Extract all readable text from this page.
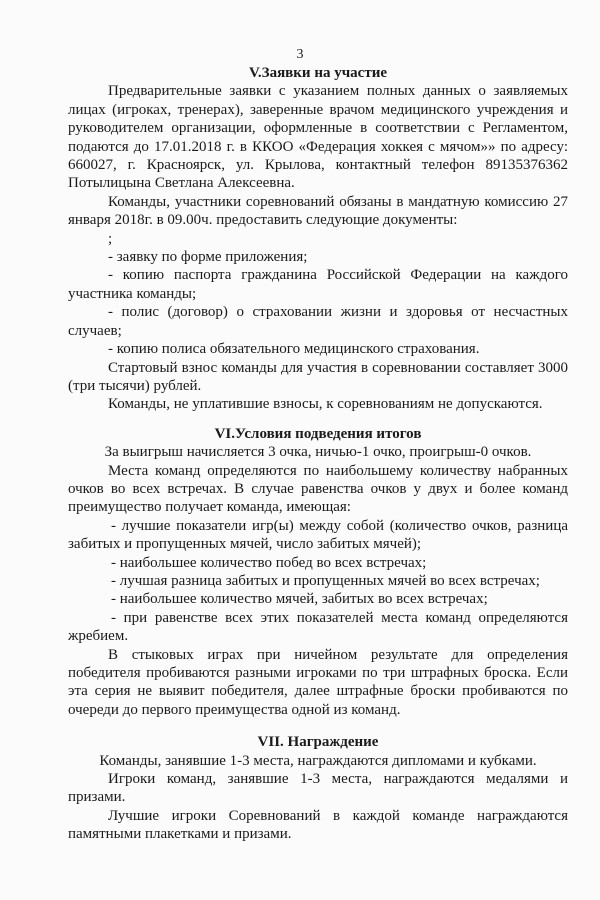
3

V.Заявки на участие

Предварительные заявки с указанием полных данных о заявляемых лицах (игроках, тренерах), заверенные врачом медицинского учреждения и руководителем организации, оформленные в соответствии с Регламентом, подаются до 17.01.2018 г. в ККОО «Федерация хоккея с мячом»» по адресу: 660027, г. Красноярск, ул. Крылова, контактный телефон 89135376362 Потылицына Светлана Алексеевна.

Команды, участники соревнований обязаны в мандатную комиссию 27 января 2018г. в 09.00ч. предоставить следующие документы:

;

- заявку по форме приложения;

- копию паспорта гражданина Российской Федерации на каждого участника команды;

- полис (договор) о страховании жизни и здоровья от несчастных случаев;

- копию полиса обязательного медицинского страхования.

Стартовый взнос команды для участия в соревновании составляет 3000 (три тысячи) рублей.

Команды, не уплатившие взносы, к соревнованиям не допускаются.

VI.Условия подведения итогов

За выигрыш начисляется 3 очка, ничью-1 очко, проигрыш-0 очков.

Места команд определяются по наибольшему количеству набранных очков во всех встречах. В случае равенства очков у двух и более команд преимущество получает команда, имеющая:

- лучшие показатели игр(ы) между собой (количество очков, разница забитых и пропущенных мячей, число забитых мячей);

- наибольшее количество побед во всех встречах;

- лучшая разница забитых и пропущенных мячей во всех встречах;

- наибольшее количество мячей, забитых во всех встречах;

- при равенстве всех этих показателей места команд определяются жребием.

В стыковых играх при ничейном результате для определения победителя пробиваются разными игроками по три штрафных броска. Если эта серия не выявит победителя, далее штрафные броски пробиваются по очереди до первого преимущества одной из команд.

VII. Награждение

Команды, занявшие 1-3 места, награждаются дипломами и кубками.

Игроки команд, занявшие 1-3 места, награждаются медалями и призами.

Лучшие игроки Соревнований в каждой команде награждаются памятными плакетками и призами.
